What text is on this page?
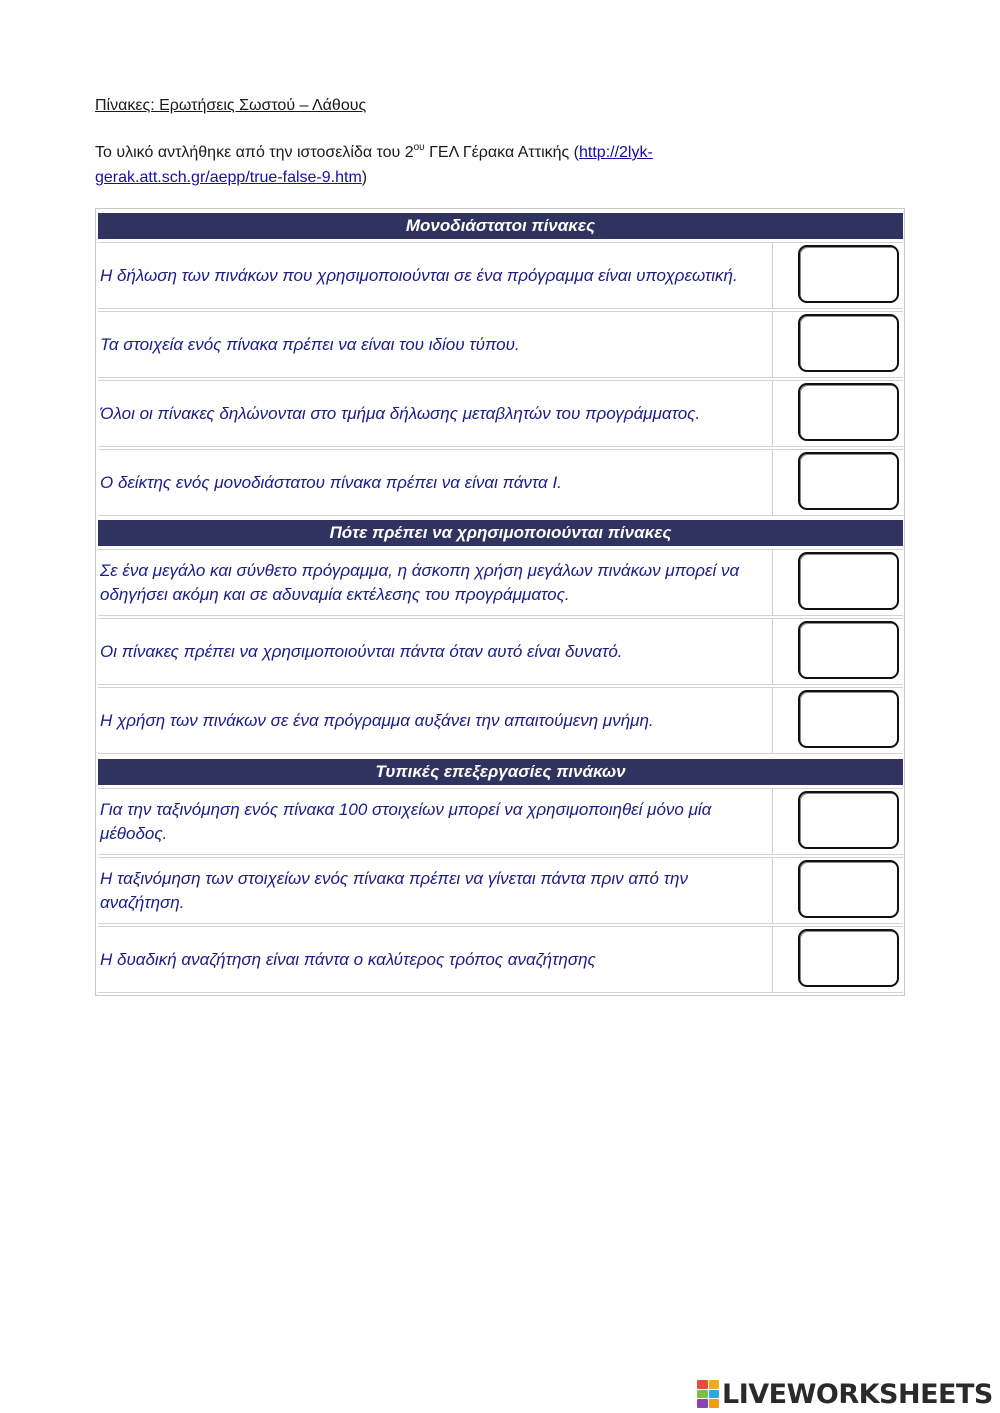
Πίνακες: Ερωτήσεις Σωστού – Λάθους
Το υλικό αντλήθηκε από την ιστοσελίδα του $2^{o\upsilon}$ ΓΕΛ Γέρακα Αττικής (http://2lyk-gerak.att.sch.gr/aepp/true-false-9.htm)
Μονοδιάστατοι πίνακες
Η δήλωση των πινάκων που χρησιμοποιούνται σε ένα πρόγραμμα είναι υποχρεωτική.
Τα στοιχεία ενός πίνακα πρέπει να είναι του ιδίου τύπου.
Όλοι οι πίνακες δηλώνονται στο τμήμα δήλωσης μεταβλητών του προγράμματος.
Ο δείκτης ενός μονοδιάστατου πίνακα πρέπει να είναι πάντα Ι.
Πότε πρέπει να χρησιμοποιούνται πίνακες
Σε ένα μεγάλο και σύνθετο πρόγραμμα, η άσκοπη χρήση μεγάλων πινάκων μπορεί να οδηγήσει ακόμη και σε αδυναμία εκτέλεσης του προγράμματος.
Οι πίνακες πρέπει να χρησιμοποιούνται πάντα όταν αυτό είναι δυνατό.
Η χρήση των πινάκων σε ένα πρόγραμμα αυξάνει την απαιτούμενη μνήμη.
Τυπικές επεξεργασίες πινάκων
Για την ταξινόμηση ενός πίνακα 100 στοιχείων μπορεί να χρησιμοποιηθεί μόνο μία μέθοδος.
Η ταξινόμηση των στοιχείων ενός πίνακα πρέπει να γίνεται πάντα πριν από την αναζήτηση.
Η δυαδική αναζήτηση είναι πάντα ο καλύτερος τρόπος αναζήτησης
LIVEWORKSHEETS
